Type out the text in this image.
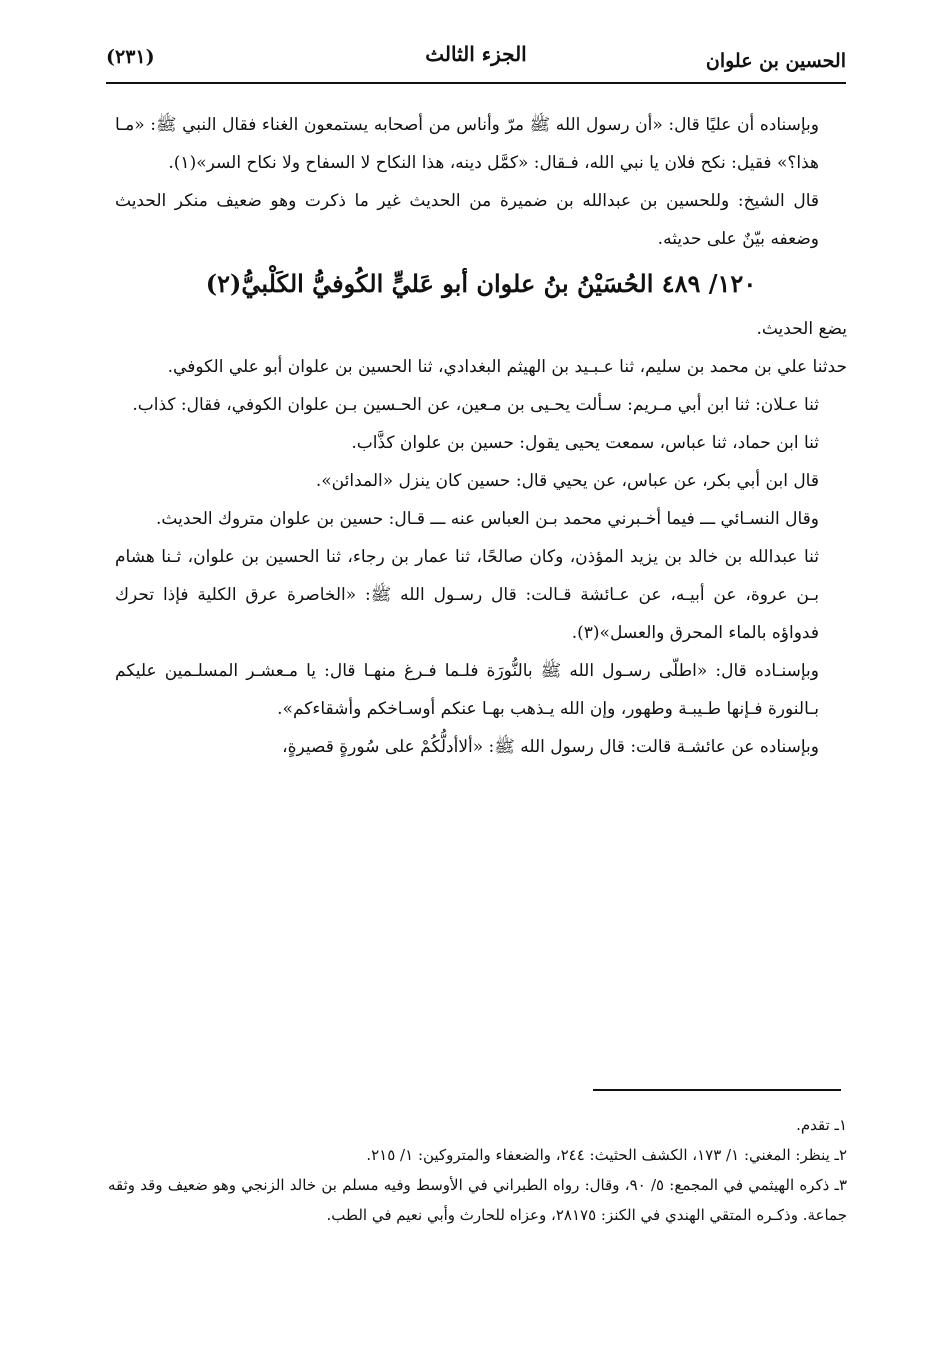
الحسين بن علوان
الجزء الثالث
(٢٣١)

وبإسناده أن عليًا قال: «أن رسول الله ﷺ مرّ وأناس من أصحابه يستمعون الغناء فقال النبي ﷺ: «مـا هذا؟» فقيل: نكح فلان يا نبي الله، فـقال: «كمَّل دينه، هذا النكاح لا السفاح ولا نكاح السر»(١).

قال الشيخ: وللحسين بن عبدالله بن ضميرة من الحديث غير ما ذكرت وهو ضعيف منكر الحديث وضعفه بيّنٌ على حديثه.

١٢٠/ ٤٨٩ الحُسَيْنُ بنُ علوان أبو عَليٍّ الكُوفيُّ الكَلْبيُّ(٢)

يضع الحديث.

حدثنا علي بن محمد بن سليم، ثنا عـبـيد بن الهيثم البغدادي، ثنا الحسين بن علوان أبو علي الكوفي.

ثنا عـلان: ثنا ابن أبي مـريم: سـألت يحـيى بن مـعين، عن الحـسين بـن علوان الكوفي، فقال: كذاب.

ثنا ابن حماد، ثنا عباس، سمعت يحيى يقول: حسين بن علوان كذَّاب.

قال ابن أبي بكر، عن عباس، عن يحيي قال: حسين كان ينزل «المدائن».

وقال النسـائي ـــ فيما أخـبرني محمد بـن العباس عنه ـــ قـال: حسين بن علوان متروك الحديث.

ثنا عبدالله بن خالد بن يزيد المؤذن، وكان صالحًا، ثنا عمار بن رجاء، ثنا الحسين بن علوان، ثـنا هشام بـن عروة، عن أبيـه، عن عـائشة قـالت: قال رسـول الله ﷺ: «الخاصرة عرق الكلية فإذا تحرك فدواؤه بالماء المحرق والعسل»(٣).

وبإسنـاده قال: «اطلّى رسـول الله ﷺ بالنُّورَة فلـما فـرغ منهـا قال: يا مـعشـر المسلـمين عليكم بـالنورة فـإنها طـيبـة وطهور، وإن الله يـذهب بهـا عنكم أوسـاخكم وأشقاءكم».

وبإسناده عن عائشـة قالت: قال رسول الله ﷺ: «ألاأدلُّكُمْ على سُورةٍ قصيرةٍ،

١ـ تقدم.

٢ـ ينظر: المغني: ١/ ١٧٣، الكشف الحثيث: ٢٤٤، والضعفاء والمتروكين: ١/ ٢١٥.

٣ـ ذكره الهيثمي في المجمع: ٥/ ٩٠، وقال: رواه الطبراني في الأوسط وفيه مسلم بن خالد الزنجي وهو ضعيف وقد وثقه جماعة. وذكـره المتقي الهندي في الكنز: ٢٨١٧٥، وعزاه للحارث وأبي نعيم في الطب.
